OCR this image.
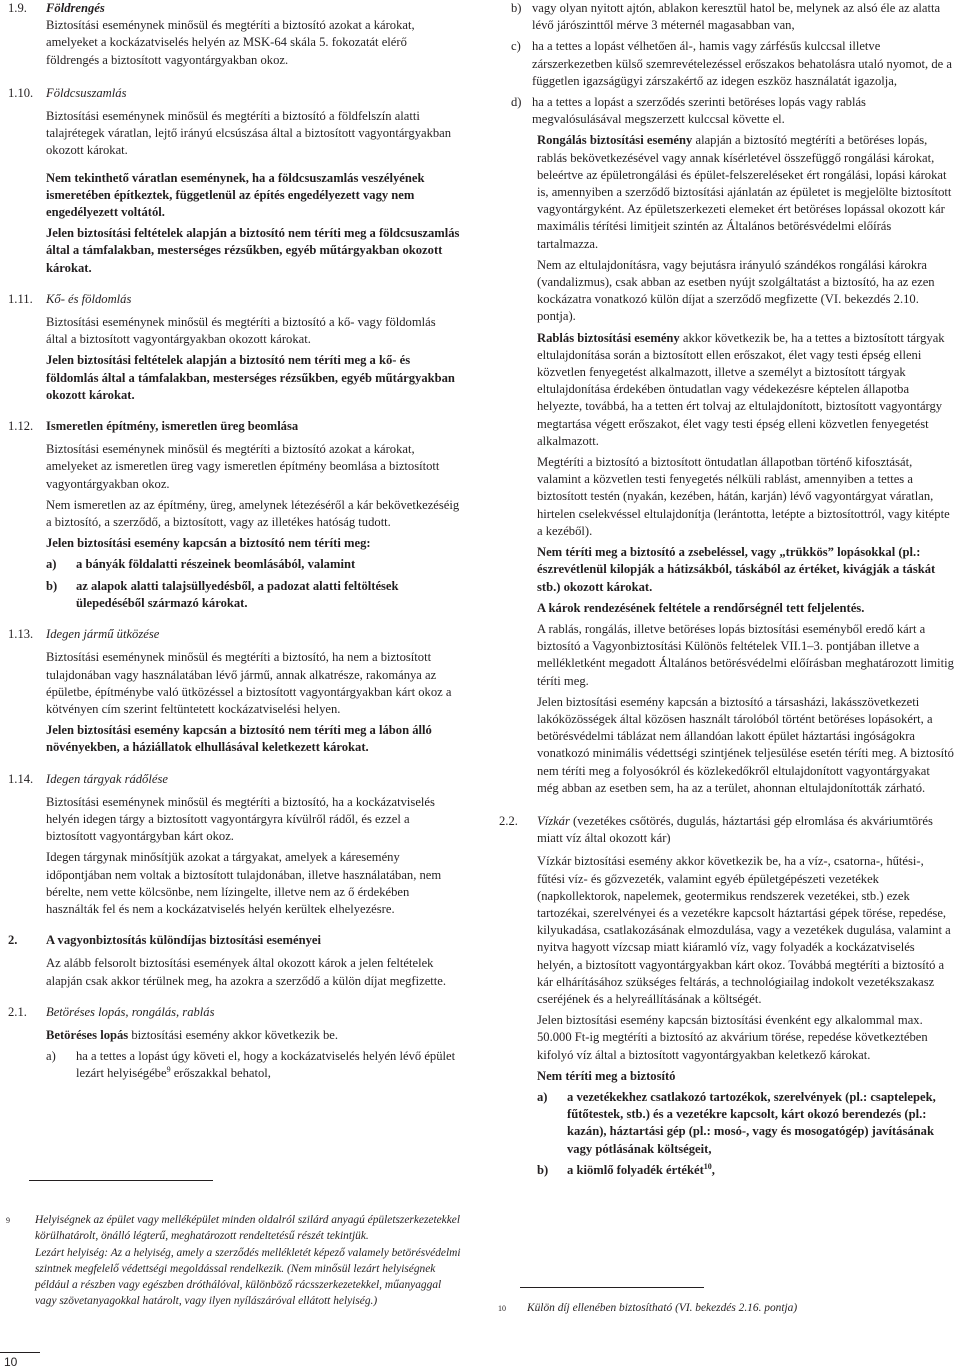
1.9. Földrengés

Biztosítási eseménynek minősül és megtéríti a biztosító azokat a károkat, amelyeket a kockázatviselés helyén az MSK-64 skála 5. fokozatát elérő földrengés a biztosított vagyontárgyakban okoz.

1.10. Földcsuszamlás

Biztosítási eseménynek minősül és megtéríti a biztosító a földfelszín alatti talajrétegek váratlan, lejtő irányú elcsúszása által a biztosított vagyontárgyakban okozott károkat.

Nem tekinthető váratlan eseménynek, ha a földcsuszamlás veszélyének ismeretében építkeztek, függetlenül az építés engedélyezett vagy nem engedélyezett voltától.

Jelen biztosítási feltételek alapján a biztosító nem téríti meg a földcsuszamlás által a támfalakban, mesterséges rézsűkben, egyéb műtárgyakban okozott károkat.

1.11. Kő- és földomlás

Biztosítási eseménynek minősül és megtéríti a biztosító a kő- vagy földomlás által a biztosított vagyontárgyakban okozott károkat.

Jelen biztosítási feltételek alapján a biztosító nem téríti meg a kő- és földomlás által a támfalakban, mesterséges rézsűkben, egyéb műtárgyakban okozott károkat.

1.12. Ismeretlen építmény, ismeretlen üreg beomlása

Biztosítási eseménynek minősül és megtéríti a biztosító azokat a károkat, amelyeket az ismeretlen üreg vagy ismeretlen építmény beomlása a biztosított vagyontárgyakban okoz.

Nem ismeretlen az az építmény, üreg, amelynek létezéséről a kár bekövetkezéséig a biztosító, a szerződő, a biztosított, vagy az illetékes hatóság tudott.

Jelen biztosítási esemény kapcsán a biztosító nem téríti meg:

a) a bányák földalatti részeinek beomlásából, valamint
b) az alapok alatti talajsüllyedésből, a padozat alatti feltöltések ülepedéséből származó károkat.
1.13. Idegen jármű ütközése

Biztosítási eseménynek minősül és megtéríti a biztosító, ha nem a biztosított tulajdonában vagy használatában lévő jármű, annak alkatrésze, rakománya az épületbe, építménybe való ütközéssel a biztosított vagyontárgyakban kárt okoz a kötvényen cím szerint feltüntetett kockázatviselési helyen.

Jelen biztosítási esemény kapcsán a biztosító nem téríti meg a lábon álló növényekben, a háziállatok elhullásával keletkezett károkat.

1.14. Idegen tárgyak rádőlése

Biztosítási eseménynek minősül és megtéríti a biztosító, ha a kockázatviselés helyén idegen tárgy a biztosított vagyontárgyra kívülről rádől, és ezzel a biztosított vagyontárgyban kárt okoz.

Idegen tárgynak minősítjük azokat a tárgyakat, amelyek a káresemény időpontjában nem voltak a biztosított tulajdonában, illetve használatában, nem bérelte, nem vette kölcsönbe, nem lízingelte, illetve nem az ő érdekében használták fel és nem a kockázatviselés helyén kerültek elhelyezésre.

2. A vagyonbiztosítás különdíjas biztosítási eseményei

Az alább felsorolt biztosítási események által okozott károk a jelen feltételek alapján csak akkor térülnek meg, ha azokra a szerződő a külön díjat megfizette.

2.1. Betöréses lopás, rongálás, rablás

Betöréses lopás biztosítási esemény akkor következik be.

a) ha a tettes a lopást úgy követi el, hogy a kockázatviselés helyén lévő épület lezárt helyiségébe$^9$ erőszakkal behatol,
9 Helyiségnek az épület vagy melléképület minden oldalról szilárd anyagú épületszerkezetekkel körülhatárolt, önálló légterű, meghatározott rendeltetésű részét tekintjük.
Lezárt helyiség: Az a helyiség, amely a szerződés mellékletét képező valamely betörésvédelmi szintnek megfelelő védettségi megoldással rendelkezik. (Nem minősül lezárt helyiségnek például a részben vagy egészben dróthálóval, különböző rácsszerkezetekkel, műanyaggal vagy szövetanyagokkal határolt, vagy ilyen nyílászáróval ellátott helyiség.)
10
b) vagy olyan nyitott ajtón, ablakon keresztül hatol be, melynek az alsó éle az alatta lévő járószinttől mérve 3 méternél magasabban van,
c) ha a tettes a lopást vélhetően ál-, hamis vagy zárfésűs kulccsal illetve zárszerkezetben külső szemrevételezéssel erőszakos behatolásra utaló nyomot, de a független igazságügyi zárszakértő az idegen eszköz használatát igazolja,
d) ha a tettes a lopást a szerződés szerinti betöréses lopás vagy rablás megvalósulásával megszerzett kulccsal követte el.

Rongálás biztosítási esemény alapján a biztosító megtéríti a betöréses lopás, rablás bekövetkezésével vagy annak kísérletével összefüggő rongálási károkat, beleértve az épületrongálási és épület-felszereléseket ért rongálási, lopási károkat is, amennyiben a szerződő biztosítási ajánlatán az épületet is megjelölte biztosított vagyontárgyként. Az épületszerkezeti elemeket ért betöréses lopással okozott kár maximális térítési limitjeit szintén az Általános betörésvédelmi előírás tartalmazza.

Nem az eltulajdonításra, vagy bejutásra irányuló szándékos rongálási károkra (vandalizmus), csak abban az esetben nyújt szolgáltatást a biztosító, ha az ezen kockázatra vonatkozó külön díjat a szerződő megfizette (VI. bekezdés 2.10. pontja).

Rablás biztosítási esemény akkor következik be, ha a tettes a biztosított tárgyak eltulajdonítása során a biztosított ellen erőszakot, élet vagy testi épség elleni közvetlen fenyegetést alkalmazott, illetve a személyt a biztosított tárgyak eltulajdonítása érdekében öntudatlan vagy védekezésre képtelen állapotba helyezte, továbbá, ha a tetten ért tolvaj az eltulajdonított, biztosított vagyontárgy megtartása végett erőszakot, élet vagy testi épség elleni közvetlen fenyegetést alkalmazott.

Megtéríti a biztosító a biztosított öntudatlan állapotban történő kifosztását, valamint a közvetlen testi fenyegetés nélküli rablást, amennyiben a tettes a biztosított testén (nyakán, kezében, hátán, karján) lévő vagyontárgyat váratlan, hirtelen cselekvéssel eltulajdonítja (lerántotta, letépte a biztosítottról, vagy kitépte a kezéből).

Nem téríti meg a biztosító a zsebeléssel, vagy „trükkös” lopásokkal (pl.: észrevétlenül kilopják a hátizsákból, táskából az értéket, kivágják a táskát stb.) okozott károkat.

A károk rendezésének feltétele a rendőrségnél tett feljelentés.

A rablás, rongálás, illetve betöréses lopás biztosítási eseményből eredő kárt a biztosító a Vagyonbiztosítási Különös feltételek VII.1–3. pontjában illetve a mellékletként megadott Általános betörésvédelmi előírásban meghatározott limitig téríti meg.

Jelen biztosítási esemény kapcsán a biztosító a társasházi, lakásszövetkezeti lakóközösségek által közösen használt tárolóból történt betöréses lopásokért, a betörésvédelmi táblázat nem állandóan lakott épület háztartási ingóságokra vonatkozó minimális védettségi szintjének teljesülése esetén téríti meg. A biztosító nem téríti meg a folyosókról és közlekedőkről eltulajdonított vagyontárgyakat még abban az esetben sem, ha az a terület, ahonnan eltulajdonították zárható.

2.2. Vízkár (vezetékes csőtörés, dugulás, háztartási gép elromlása és akváriumtörés miatt víz által okozott kár)

Vízkár biztosítási esemény akkor következik be, ha a víz-, csatorna-, hűtési-, fűtési víz- és gőzvezeték, valamint egyéb épületgépészeti vezetékek (napkollektorok, napelemek, geotermikus rendszerek vezetékei, stb.) ezek tartozékai, szerelvényei és a vezetékre kapcsolt háztartási gépek törése, repedése, kilyukadása, csatlakozásának elmozdulása, vagy a vezetékek dugulása, valamint a nyitva hagyott vízcsap miatt kiáramló víz, vagy folyadék a kockázatviselés helyén, a biztosított vagyontárgyakban kárt okoz. Továbbá megtéríti a biztosító a kár elhárításához szükséges feltárás, a technológiailag indokolt vezetékszakasz cseréjének és a helyreállításának a költségét.

Jelen biztosítási esemény kapcsán biztosítási évenként egy alkalommal max. 50.000 Ft-ig megtéríti a biztosító az akvárium törése, repedése következtében kifolyó víz által a biztosított vagyontárgyakban keletkező károkat.

Nem téríti meg a biztosító

a) a vezetékekhez csatlakozó tartozékok, szerelvények (pl.: csaptelepek, fűtőtestek, stb.) és a vezetékre kapcsolt, kárt okozó berendezés (pl.: kazán), háztartási gép (pl.: mosó-, vagy és mosogatógép) javításának vagy pótlásának költségeit,
b) a kiömlő folyadék értékét$^{10}$,
10 Külön díj ellenében biztosítható (VI. bekezdés 2.16. pontja)
